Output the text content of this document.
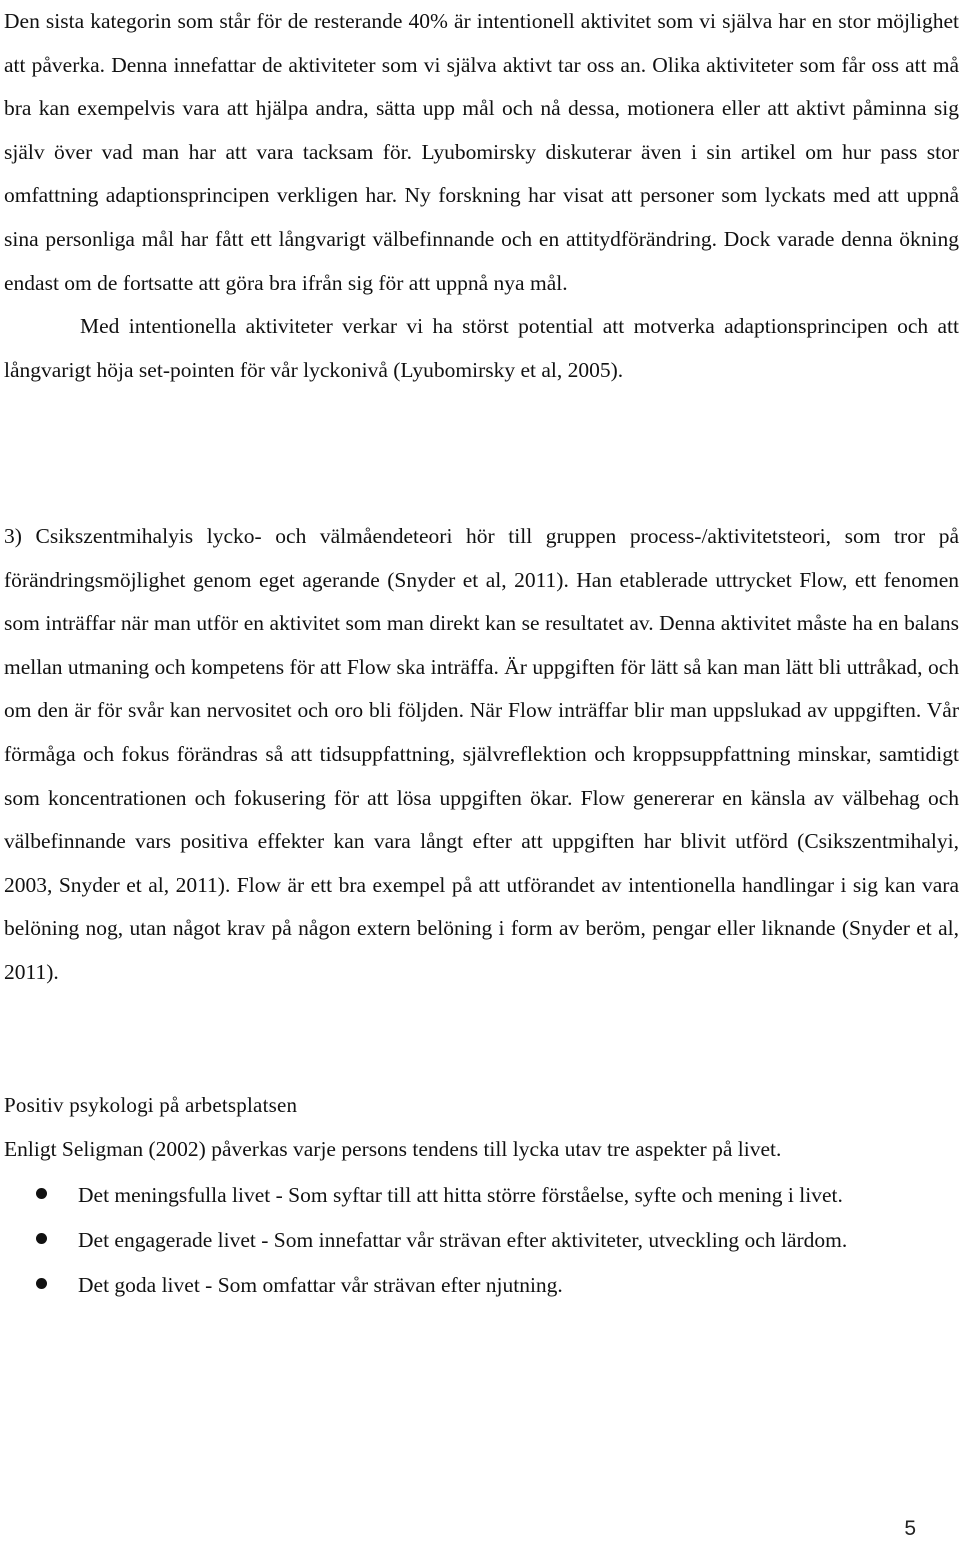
Den sista kategorin som står för de resterande 40% är intentionell aktivitet som vi själva har en stor möjlighet att påverka. Denna innefattar de aktiviteter som vi själva aktivt tar oss an. Olika aktiviteter som får oss att må bra kan exempelvis vara att hjälpa andra, sätta upp mål och nå dessa, motionera eller att aktivt påminna sig själv över vad man har att vara tacksam för. Lyubomirsky diskuterar även i sin artikel om hur pass stor omfattning adaptionsprincipen verkligen har. Ny forskning har visat att personer som lyckats med att uppnå sina personliga mål har fått ett långvarigt välbefinnande och en attitydförändring. Dock varade denna ökning endast om de fortsatte att göra bra ifrån sig för att uppnå nya mål.

Med intentionella aktiviteter verkar vi ha störst potential att motverka adaptionsprincipen och att långvarigt höja set-pointen för vår lyckonivå (Lyubomirsky et al, 2005).

3) Csikszentmihalyis lycko- och välmåendeteori hör till gruppen process-/aktivitetsteori, som tror på förändringsmöjlighet genom eget agerande (Snyder et al, 2011). Han etablerade uttrycket Flow, ett fenomen som inträffar när man utför en aktivitet som man direkt kan se resultatet av. Denna aktivitet måste ha en balans mellan utmaning och kompetens för att Flow ska inträffa. Är uppgiften för lätt så kan man lätt bli uttråkad, och om den är för svår kan nervositet och oro bli följden. När Flow inträffar blir man uppslukad av uppgiften. Vår förmåga och fokus förändras så att tidsuppfattning, självreflektion och kroppsuppfattning minskar, samtidigt som koncentrationen och fokusering för att lösa uppgiften ökar. Flow genererar en känsla av välbehag och välbefinnande vars positiva effekter kan vara långt efter att uppgiften har blivit utförd (Csikszentmihalyi, 2003, Snyder et al, 2011). Flow är ett bra exempel på att utförandet av intentionella handlingar i sig kan vara belöning nog, utan något krav på någon extern belöning i form av beröm, pengar eller liknande (Snyder et al, 2011).

Positiv psykologi på arbetsplatsen
Enligt Seligman (2002) påverkas varje persons tendens till lycka utav tre aspekter på livet.
Det meningsfulla livet - Som syftar till att hitta större förståelse, syfte och mening i livet.
Det engagerade livet - Som innefattar vår strävan efter aktiviteter, utveckling och lärdom.
Det goda livet - Som omfattar vår strävan efter njutning.
5
